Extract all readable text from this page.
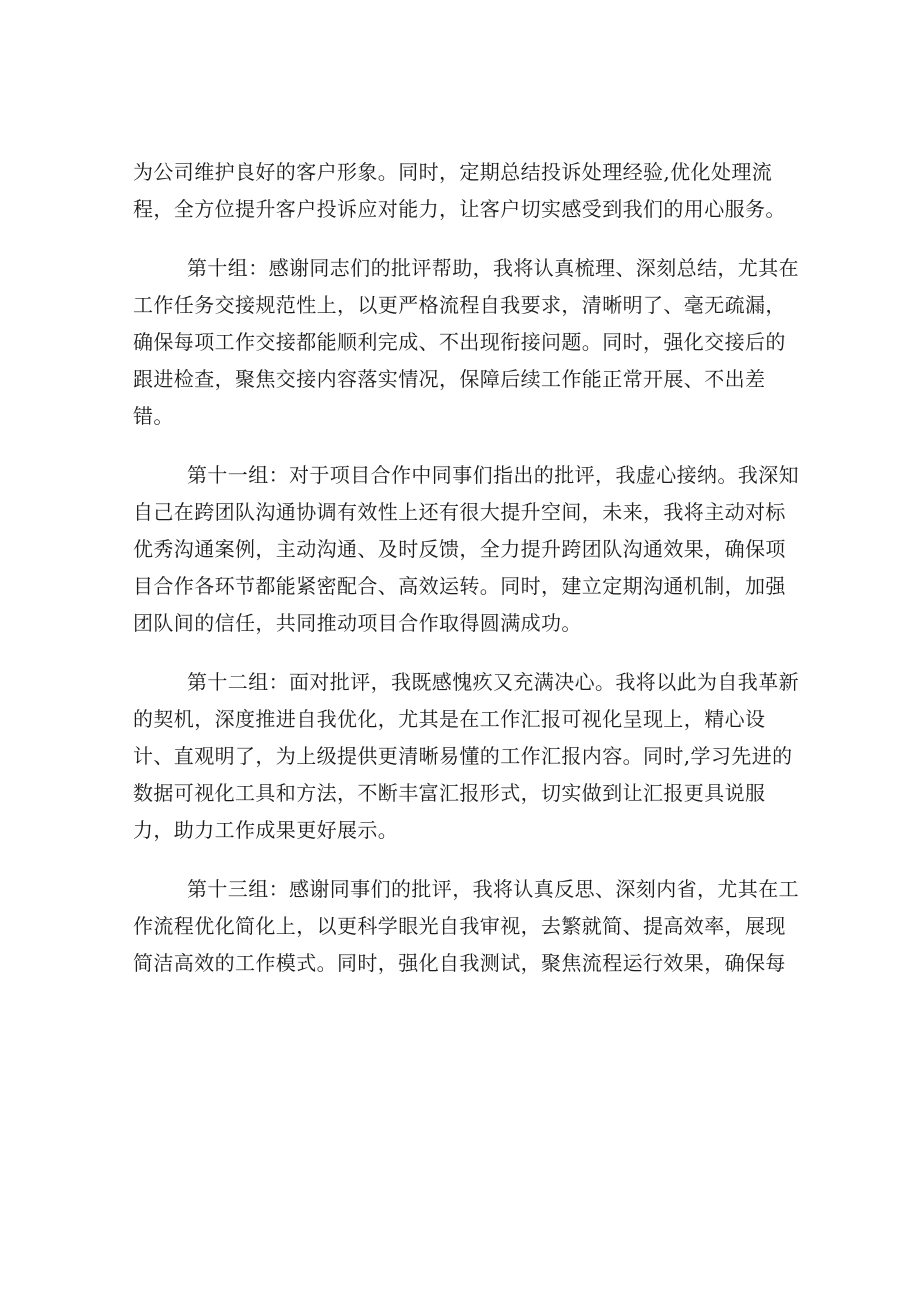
为公司维护良好的客户形象。同时，定期总结投诉处理经验,优化处理流
程，全方位提升客户投诉应对能力，让客户切实感受到我们的用心服务。
第十组：感谢同志们的批评帮助，我将认真梳理、深刻总结，尤其在
工作任务交接规范性上，以更严格流程自我要求，清晰明了、毫无疏漏，
确保每项工作交接都能顺利完成、不出现衔接问题。同时，强化交接后的
跟进检查，聚焦交接内容落实情况，保障后续工作能正常开展、不出差
错。
第十一组：对于项目合作中同事们指出的批评，我虚心接纳。我深知
自己在跨团队沟通协调有效性上还有很大提升空间，未来，我将主动对标
优秀沟通案例，主动沟通、及时反馈，全力提升跨团队沟通效果，确保项
目合作各环节都能紧密配合、高效运转。同时，建立定期沟通机制，加强
团队间的信任，共同推动项目合作取得圆满成功。
第十二组：面对批评，我既感愧疚又充满决心。我将以此为自我革新
的契机，深度推进自我优化，尤其是在工作汇报可视化呈现上，精心设
计、直观明了，为上级提供更清晰易懂的工作汇报内容。同时,学习先进的
数据可视化工具和方法，不断丰富汇报形式，切实做到让汇报更具说服
力，助力工作成果更好展示。
第十三组：感谢同事们的批评，我将认真反思、深刻内省，尤其在工
作流程优化简化上，以更科学眼光自我审视，去繁就简、提高效率，展现
简洁高效的工作模式。同时，强化自我测试，聚焦流程运行效果，确保每
